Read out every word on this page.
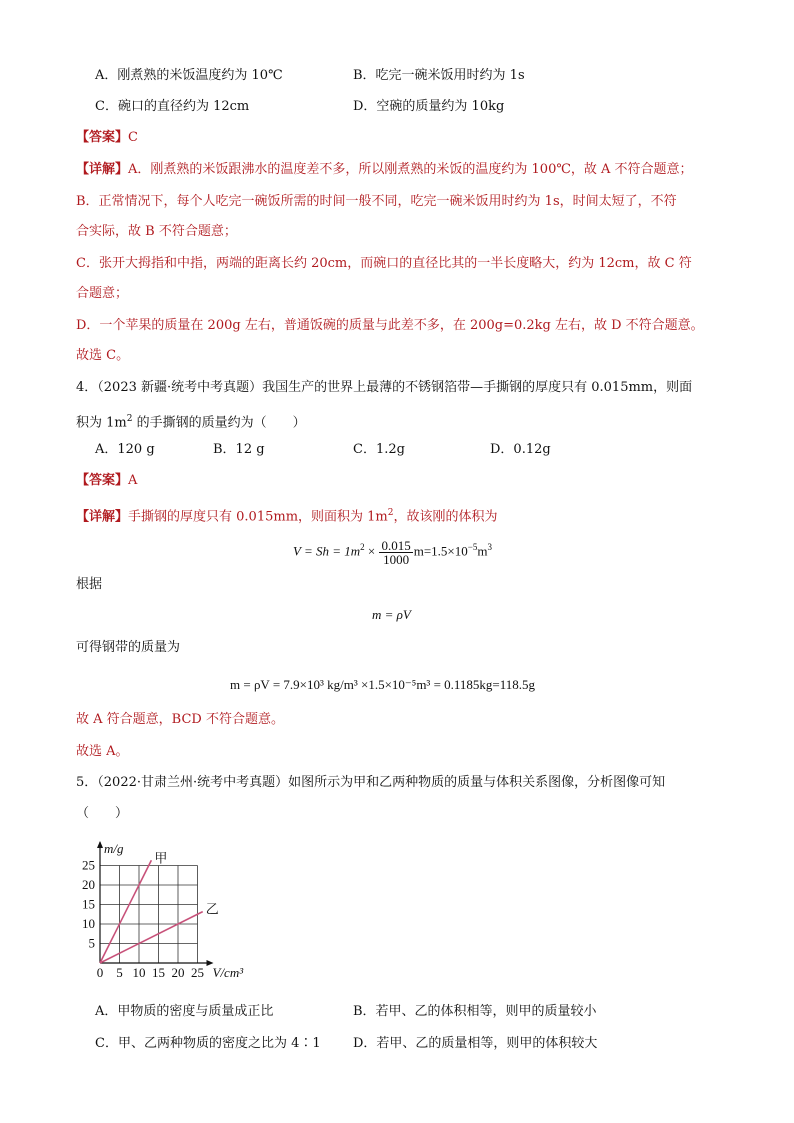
A．刚煮熟的米饭温度约为 10℃	B．吃完一碗米饭用时约为 1s
C．碗口的直径约为 12cm	D．空碗的质量约为 10kg
【答案】C
【详解】A．刚煮熟的米饭跟沸水的温度差不多，所以刚煮熟的米饭的温度约为 100℃，故 A 不符合题意；
B．正常情况下，每个人吃完一碗饭所需的时间一般不同，吃完一碗米饭用时约为 1s，时间太短了，不符
合实际，故 B 不符合题意；
C．张开大拇指和中指，两端的距离长约 20cm，而碗口的直径比其的一半长度略大，约为 12cm，故 C 符
合题意；
D．一个苹果的质量在 200g 左右，普通饭碗的质量与此差不多，在 200g=0.2kg 左右，故 D 不符合题意。
故选 C。
4．（2023 新疆·统考中考真题）我国生产的世界上最薄的不锈钢箔带—手撕钢的厚度只有 0.015mm，则面
积为 $1m^2$ 的手撕钢的质量约为（　　）
A．120 g	B．12 g	C．1.2g	D．0.12g
【答案】A
【详解】手撕钢的厚度只有 0.015mm，则面积为 $1m^2$，故该刚的体积为
$V = Sh = 1m^2 \times \frac{0.015}{1000} m=1.5\times 10^{-5}m^3$
根据
m = ρV
可得钢带的质量为
m = ρV = 7.9×10³ kg/m³ ×1.5×10⁻⁵m³ = 0.1185kg=118.5g
故 A 符合题意，BCD 不符合题意。
故选 A。
5．（2022·甘肃兰州·统考中考真题）如图所示为甲和乙两种物质的质量与体积关系图像，分析图像可知
（　　）
甲
乙
0 5 10 15 20 25
5
10
15
20
25
m/g
V/cm³
A．甲物质的密度与质量成正比	B．若甲、乙的体积相等，则甲的质量较小
C．甲、乙两种物质的密度之比为 4∶1 D．若甲、乙的质量相等，则甲的体积较大
